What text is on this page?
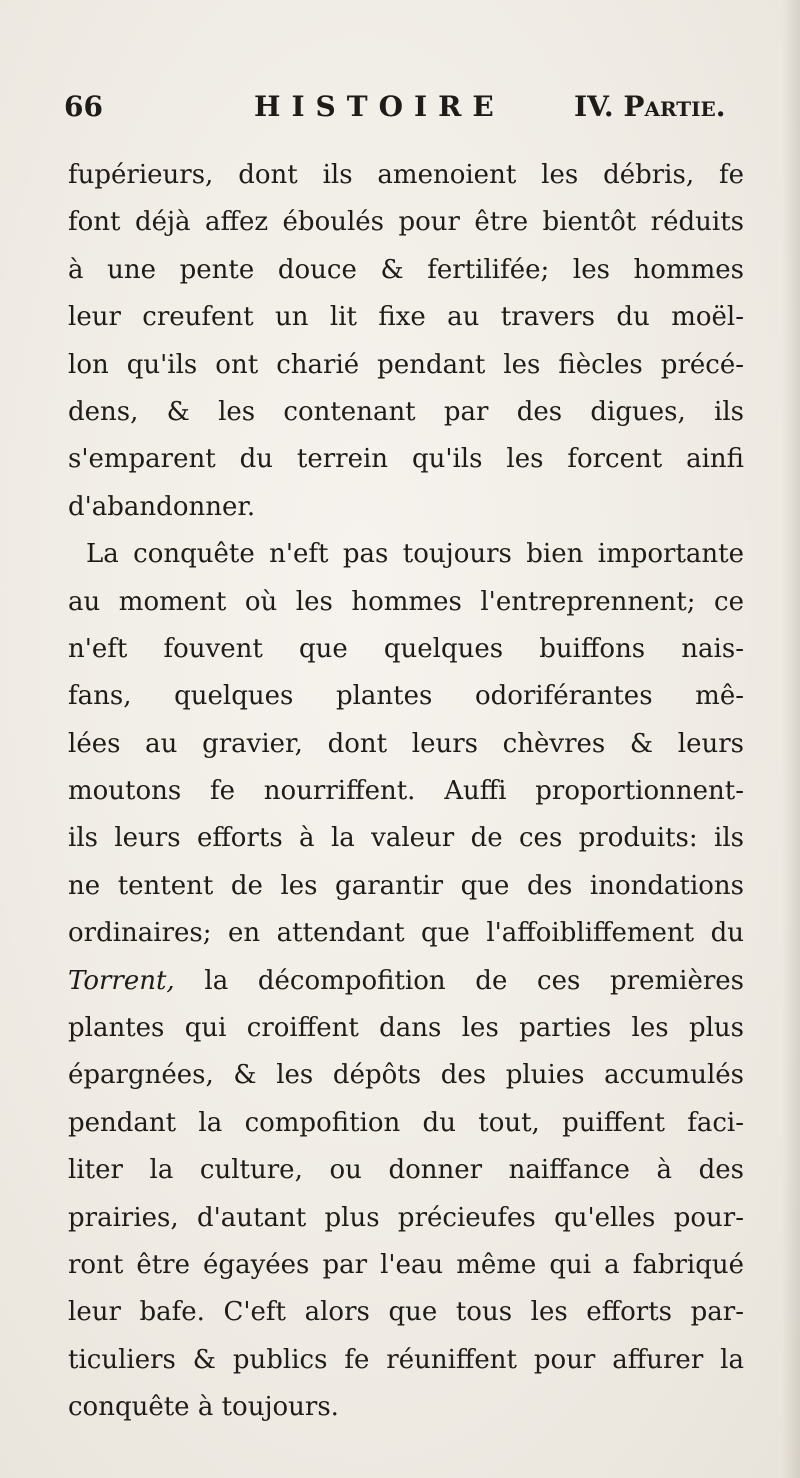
66	HISTOIRE IV. Partie.
fupérieurs, dont ils amenoient les débris, fe
font déjà affez éboulés pour être bientôt réduits
à une pente douce & fertilifée; les hommes
leur creufent un lit fixe au travers du moël-
lon qu'ils ont charié pendant les fiècles précé-
dens, & les contenant par des digues, ils
s'emparent du terrein qu'ils les forcent ainfi
d'abandonner.
La conquête n'eft pas toujours bien importante
au moment où les hommes l'entreprennent; ce
n'eft fouvent que quelques buiffons nais-
fans, quelques plantes odoriférantes mê-
lées au gravier, dont leurs chèvres & leurs
moutons fe nourriffent. Auffi proportionnent-
ils leurs efforts à la valeur de ces produits: ils
ne tentent de les garantir que des inondations
ordinaires; en attendant que l'affoibliffement du
Torrent, la décompofition de ces premières
plantes qui croiffent dans les parties les plus
épargnées, & les dépôts des pluies accumulés
pendant la compofition du tout, puiffent faci-
liter la culture, ou donner naiffance à des
prairies, d'autant plus précieufes qu'elles pour-
ront être égayées par l'eau même qui a fabriqué
leur bafe. C'eft alors que tous les efforts par-
ticuliers & publics fe réuniffent pour affurer la
conquête à toujours.
